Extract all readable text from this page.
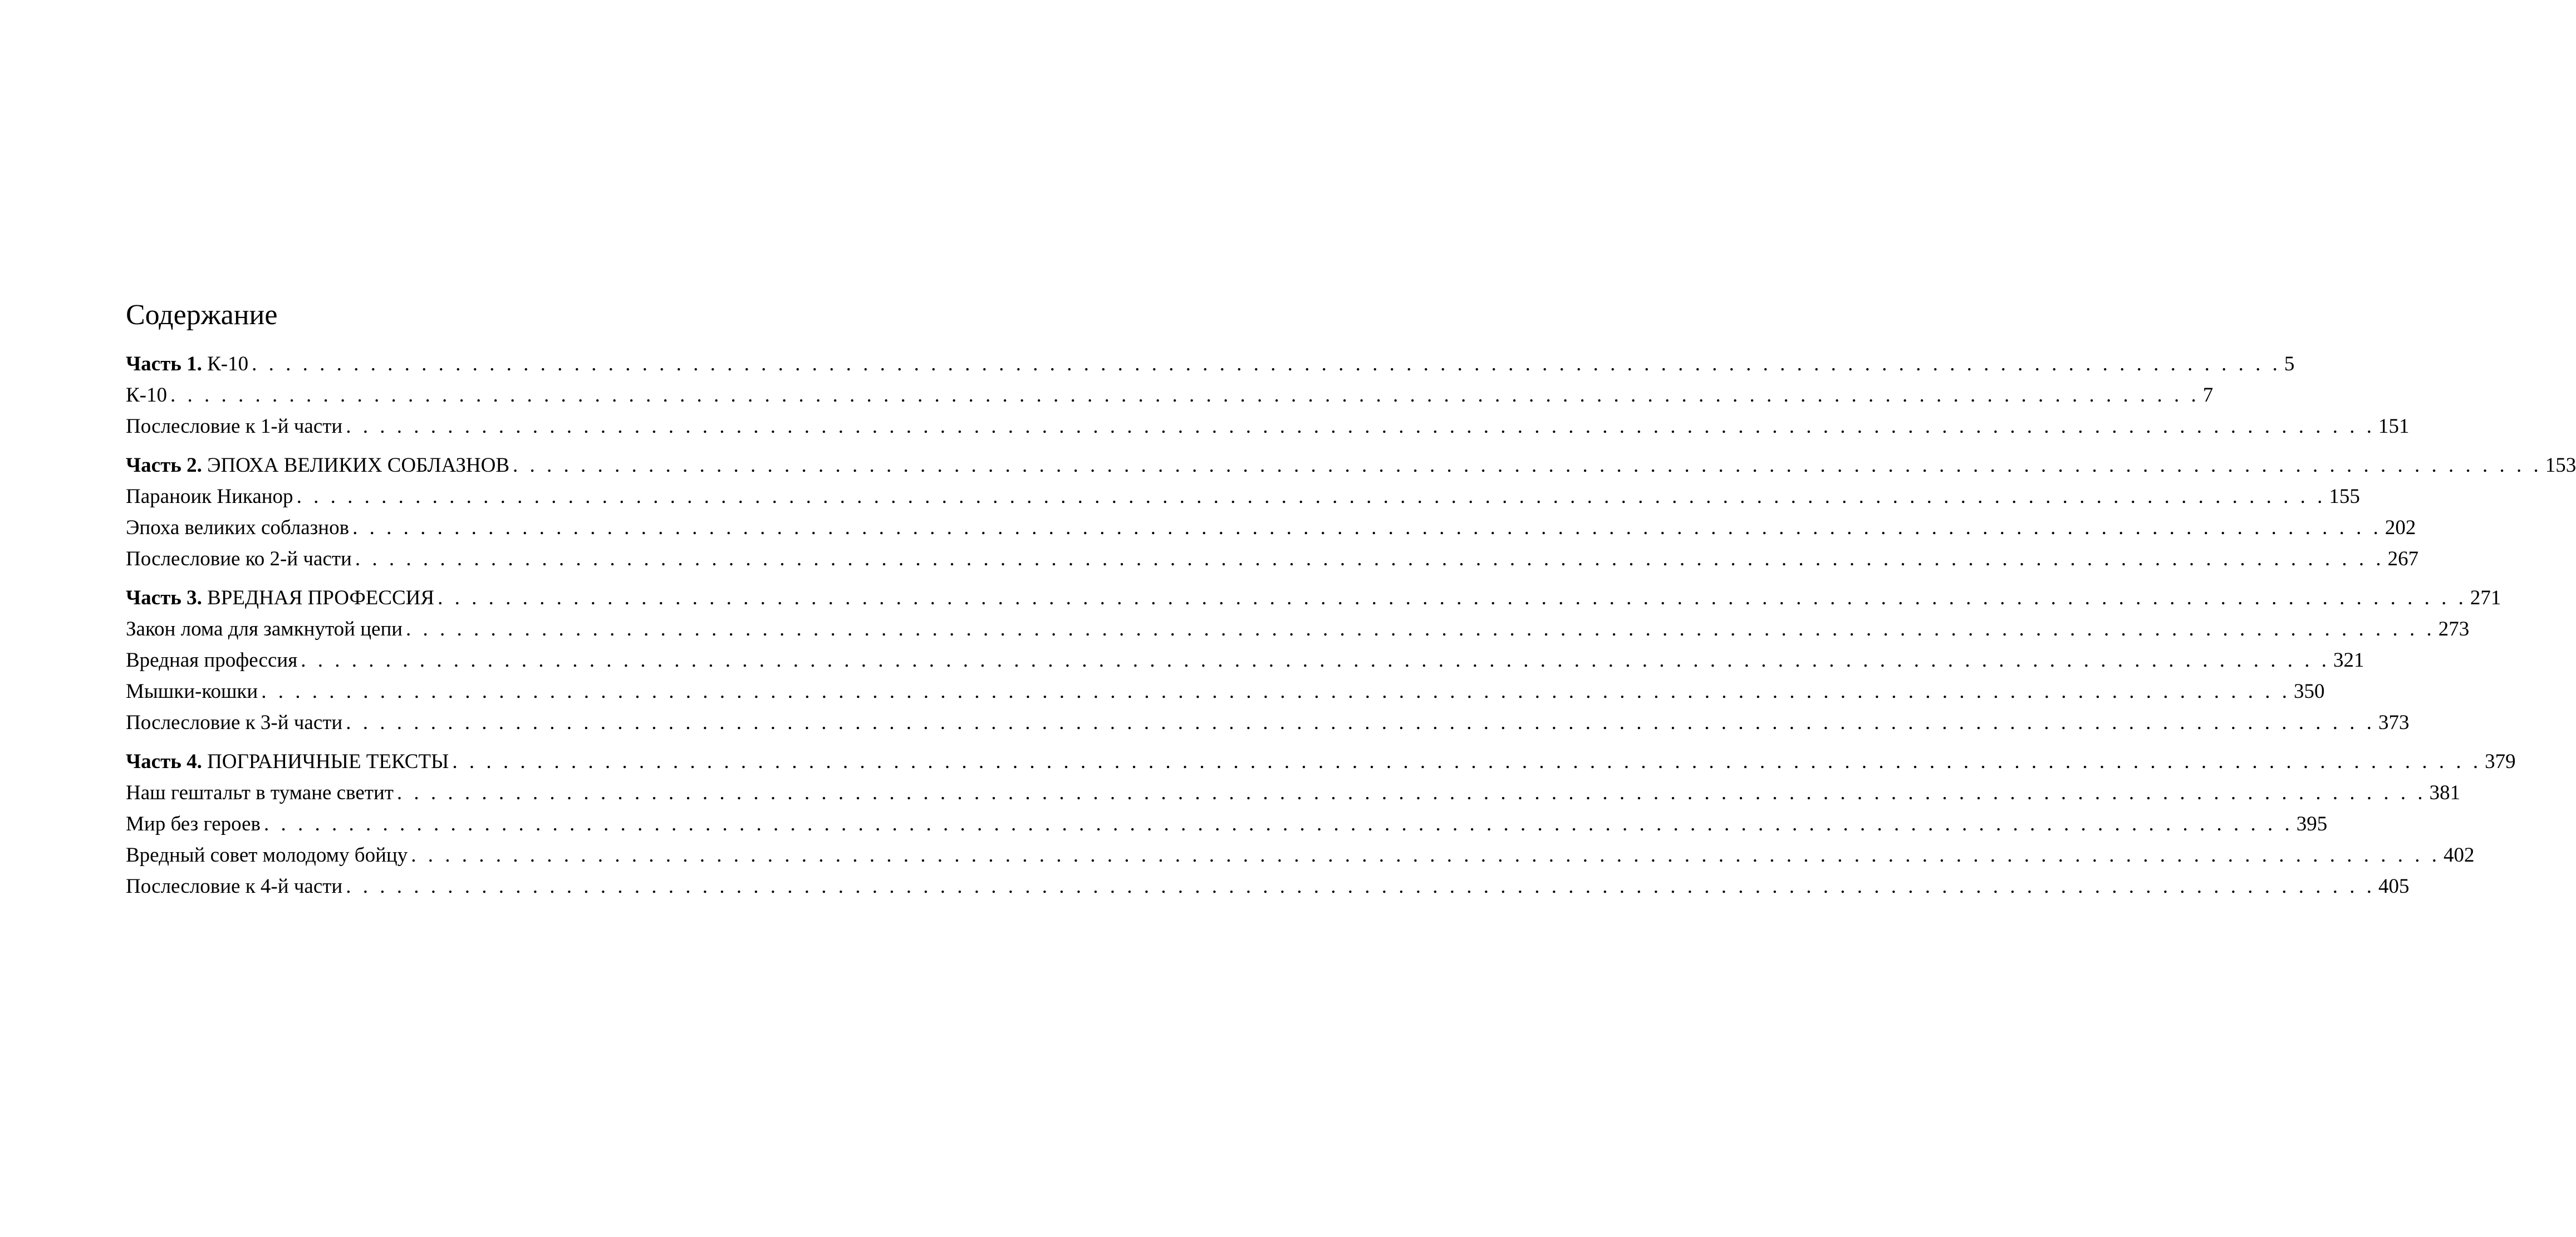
Содержание
Часть 1. К-10 . . . . . . . . . . . . . . . . . . . . . . . . . . . . . . . . . . . . . . . . . . . . . . . . . . . . . . . . . . . . . . . . . . . . . . . . . . . . . . . . . . . . . . . . . . . . . . . . . . . . . . . . . . . . . . . . . . . . . . . . 5
К-10 . . . . . . . . . . . . . . . . . . . . . . . . . . . . . . . . . . . . . . . . . . . . . . . . . . . . . . . . . . . . . . . . . . . . . . . . . . . . . . . . . . . . . . . . . . . . . . . . . . . . . . . . . . . . . . . . . . . . . . . . 7
Послесловие к 1-й части . . . . . . . . . . . . . . . . . . . . . . . . . . . . . . . . . . . . . . . . . . . . . . . . . . . . . . . . . . . . . . . . . . . . . . . . . . . . . . . . . . . . . . . . . . . . . . . . . . . . . . . . . . . . . . . . . . . . . . . . 151
Часть 2. ЭПОХА ВЕЛИКИХ СОБЛАЗНОВ . . . . . . . . . . . . . . . . . . . . . . . . . . . . . . . . . . . . . . . . . . . . . . . . . . . . . . . . . . . . . . . . . . . . . . . . . . . . . . . . . . . . . . . . . . . . . . . . . . . . . . . . . . . . . . . . . . . . . . . . 153
Параноик Никанор . . . . . . . . . . . . . . . . . . . . . . . . . . . . . . . . . . . . . . . . . . . . . . . . . . . . . . . . . . . . . . . . . . . . . . . . . . . . . . . . . . . . . . . . . . . . . . . . . . . . . . . . . . . . . . . . . . . . . . . . 155
Эпоха великих соблазнов . . . . . . . . . . . . . . . . . . . . . . . . . . . . . . . . . . . . . . . . . . . . . . . . . . . . . . . . . . . . . . . . . . . . . . . . . . . . . . . . . . . . . . . . . . . . . . . . . . . . . . . . . . . . . . . . . . . . . . . . 202
Послесловие ко 2-й части . . . . . . . . . . . . . . . . . . . . . . . . . . . . . . . . . . . . . . . . . . . . . . . . . . . . . . . . . . . . . . . . . . . . . . . . . . . . . . . . . . . . . . . . . . . . . . . . . . . . . . . . . . . . . . . . . . . . . . . . 267
Часть 3. ВРЕДНАЯ ПРОФЕССИЯ . . . . . . . . . . . . . . . . . . . . . . . . . . . . . . . . . . . . . . . . . . . . . . . . . . . . . . . . . . . . . . . . . . . . . . . . . . . . . . . . . . . . . . . . . . . . . . . . . . . . . . . . . . . . . . . . . . . . . . . . 271
Закон лома для замкнутой цепи . . . . . . . . . . . . . . . . . . . . . . . . . . . . . . . . . . . . . . . . . . . . . . . . . . . . . . . . . . . . . . . . . . . . . . . . . . . . . . . . . . . . . . . . . . . . . . . . . . . . . . . . . . . . . . . . . . . . . . . . 273
Вредная профессия . . . . . . . . . . . . . . . . . . . . . . . . . . . . . . . . . . . . . . . . . . . . . . . . . . . . . . . . . . . . . . . . . . . . . . . . . . . . . . . . . . . . . . . . . . . . . . . . . . . . . . . . . . . . . . . . . . . . . . . . 321
Мышки-кошки . . . . . . . . . . . . . . . . . . . . . . . . . . . . . . . . . . . . . . . . . . . . . . . . . . . . . . . . . . . . . . . . . . . . . . . . . . . . . . . . . . . . . . . . . . . . . . . . . . . . . . . . . . . . . . . . . . . . . . . . 350
Послесловие к 3-й части . . . . . . . . . . . . . . . . . . . . . . . . . . . . . . . . . . . . . . . . . . . . . . . . . . . . . . . . . . . . . . . . . . . . . . . . . . . . . . . . . . . . . . . . . . . . . . . . . . . . . . . . . . . . . . . . . . . . . . . . 373
Часть 4. ПОГРАНИЧНЫЕ ТЕКСТЫ . . . . . . . . . . . . . . . . . . . . . . . . . . . . . . . . . . . . . . . . . . . . . . . . . . . . . . . . . . . . . . . . . . . . . . . . . . . . . . . . . . . . . . . . . . . . . . . . . . . . . . . . . . . . . . . . . . . . . . . . 379
Наш гештальт в тумане светит . . . . . . . . . . . . . . . . . . . . . . . . . . . . . . . . . . . . . . . . . . . . . . . . . . . . . . . . . . . . . . . . . . . . . . . . . . . . . . . . . . . . . . . . . . . . . . . . . . . . . . . . . . . . . . . . . . . . . . . . 381
Мир без героев . . . . . . . . . . . . . . . . . . . . . . . . . . . . . . . . . . . . . . . . . . . . . . . . . . . . . . . . . . . . . . . . . . . . . . . . . . . . . . . . . . . . . . . . . . . . . . . . . . . . . . . . . . . . . . . . . . . . . . . . 395
Вредный совет молодому бойцу . . . . . . . . . . . . . . . . . . . . . . . . . . . . . . . . . . . . . . . . . . . . . . . . . . . . . . . . . . . . . . . . . . . . . . . . . . . . . . . . . . . . . . . . . . . . . . . . . . . . . . . . . . . . . . . . . . . . . . . . 402
Послесловие к 4-й части . . . . . . . . . . . . . . . . . . . . . . . . . . . . . . . . . . . . . . . . . . . . . . . . . . . . . . . . . . . . . . . . . . . . . . . . . . . . . . . . . . . . . . . . . . . . . . . . . . . . . . . . . . . . . . . . . . . . . . . . 405
